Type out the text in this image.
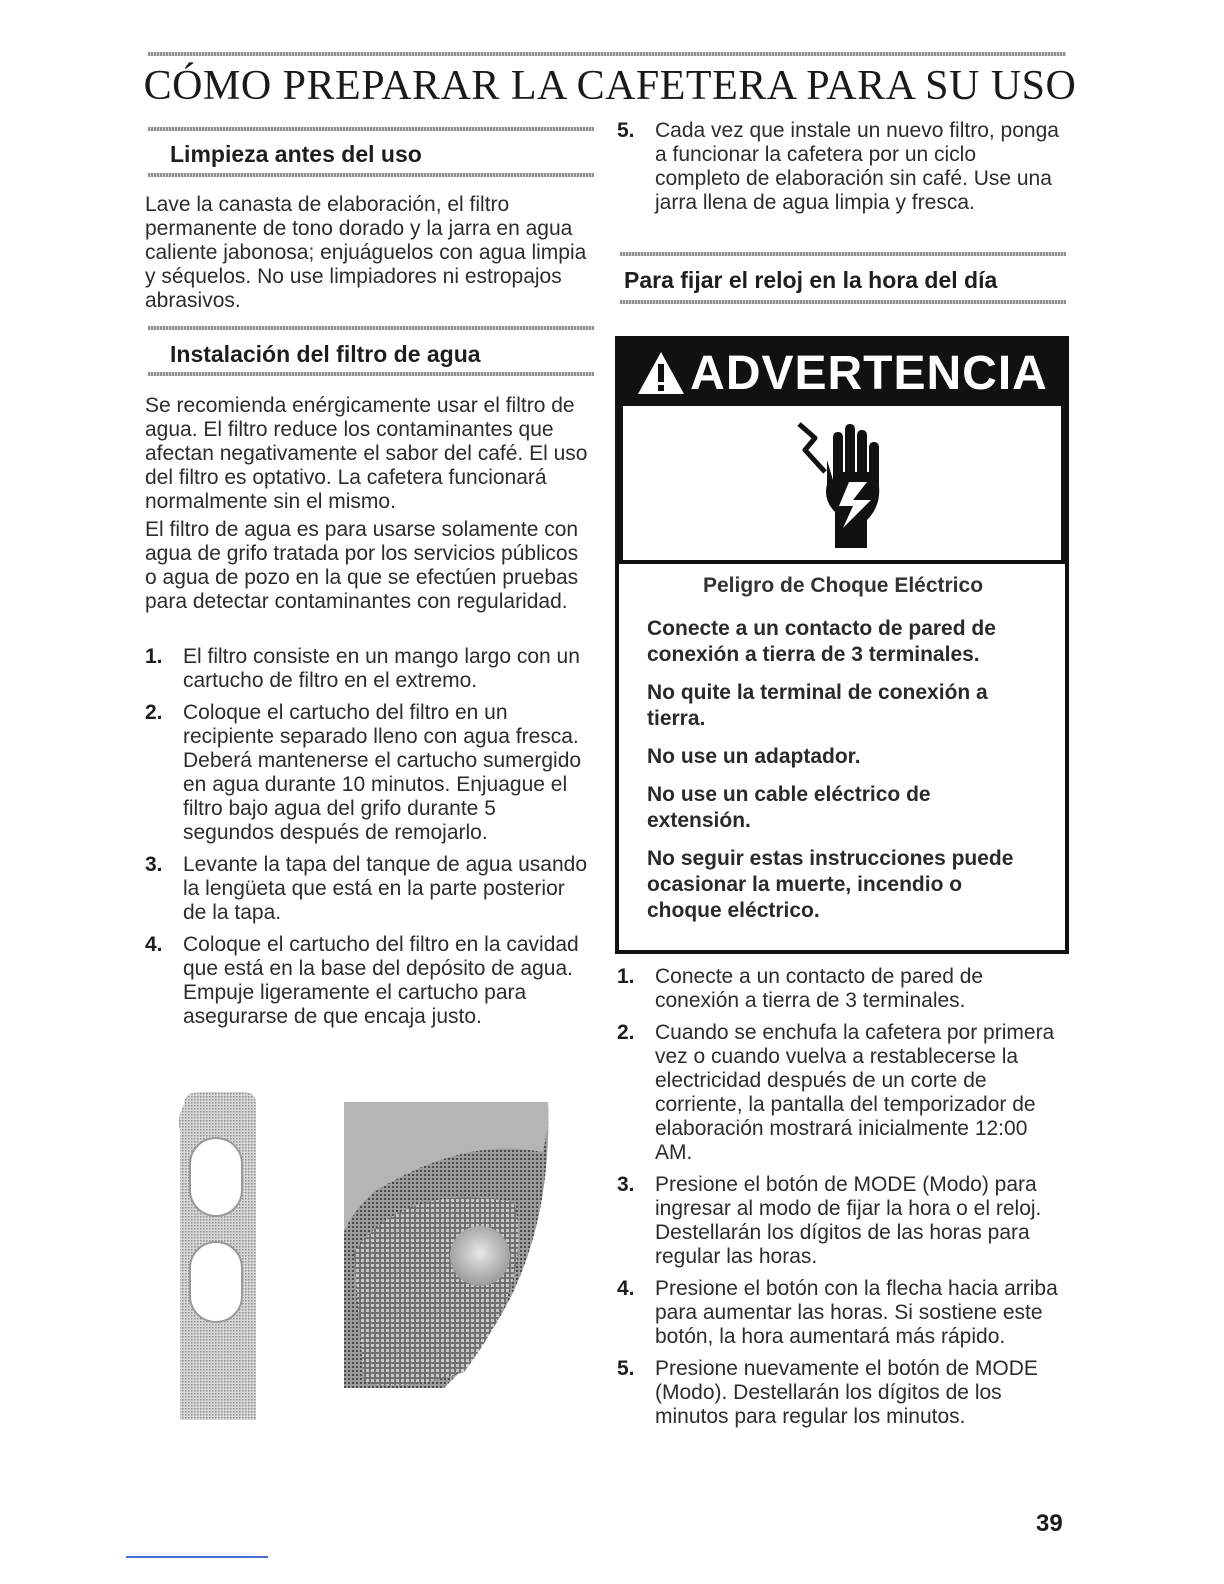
CÓMO PREPARAR LA CAFETERA PARA SU USO
Limpieza antes del uso

Lave la canasta de elaboración, el filtro permanente de tono dorado y la jarra en agua caliente jabonosa; enjuáguelos con agua limpia y séquelos. No use limpiadores ni estropajos abrasivos.

Instalación del filtro de agua

Se recomienda enérgicamente usar el filtro de agua. El filtro reduce los contaminantes que afectan negativamente el sabor del café. El uso del filtro es optativo. La cafetera funcionará normalmente sin el mismo.

El filtro de agua es para usarse solamente con agua de grifo tratada por los servicios públicos o agua de pozo en la que se efectúen pruebas para detectar contaminantes con regularidad.

1. El filtro consiste en un mango largo con un cartucho de filtro en el extremo.
2. Coloque el cartucho del filtro en un recipiente separado lleno con agua fresca. Deberá mantenerse el cartucho sumergido en agua durante 10 minutos. Enjuague el filtro bajo agua del grifo durante 5 segundos después de remojarlo.
3. Levante la tapa del tanque de agua usando la lengüeta que está en la parte posterior de la tapa.
4. Coloque el cartucho del filtro en la cavidad que está en la base del depósito de agua. Empuje ligeramente el cartucho para asegurarse de que encaja justo.
5. Cada vez que instale un nuevo filtro, ponga a funcionar la cafetera por un ciclo completo de elaboración sin café. Use una jarra llena de agua limpia y fresca.
Para fijar el reloj en la hora del día
ADVERTENCIA

Peligro de Choque Eléctrico

Conecte a un contacto de pared de conexión a tierra de 3 terminales.

No quite la terminal de conexión a tierra.

No use un adaptador.

No use un cable eléctrico de extensión.

No seguir estas instrucciones puede ocasionar la muerte, incendio o choque eléctrico.

1. Conecte a un contacto de pared de conexión a tierra de 3 terminales.
2. Cuando se enchufa la cafetera por primera vez o cuando vuelva a restablecerse la electricidad después de un corte de corriente, la pantalla del temporizador de elaboración mostrará inicialmente 12:00 AM.
3. Presione el botón de MODE (Modo) para ingresar al modo de fijar la hora o el reloj. Destellarán los dígitos de las horas para regular las horas.
4. Presione el botón con la flecha hacia arriba para aumentar las horas. Si sostiene este botón, la hora aumentará más rápido.
5. Presione nuevamente el botón de MODE (Modo). Destellarán los dígitos de los minutos para regular los minutos.
39
